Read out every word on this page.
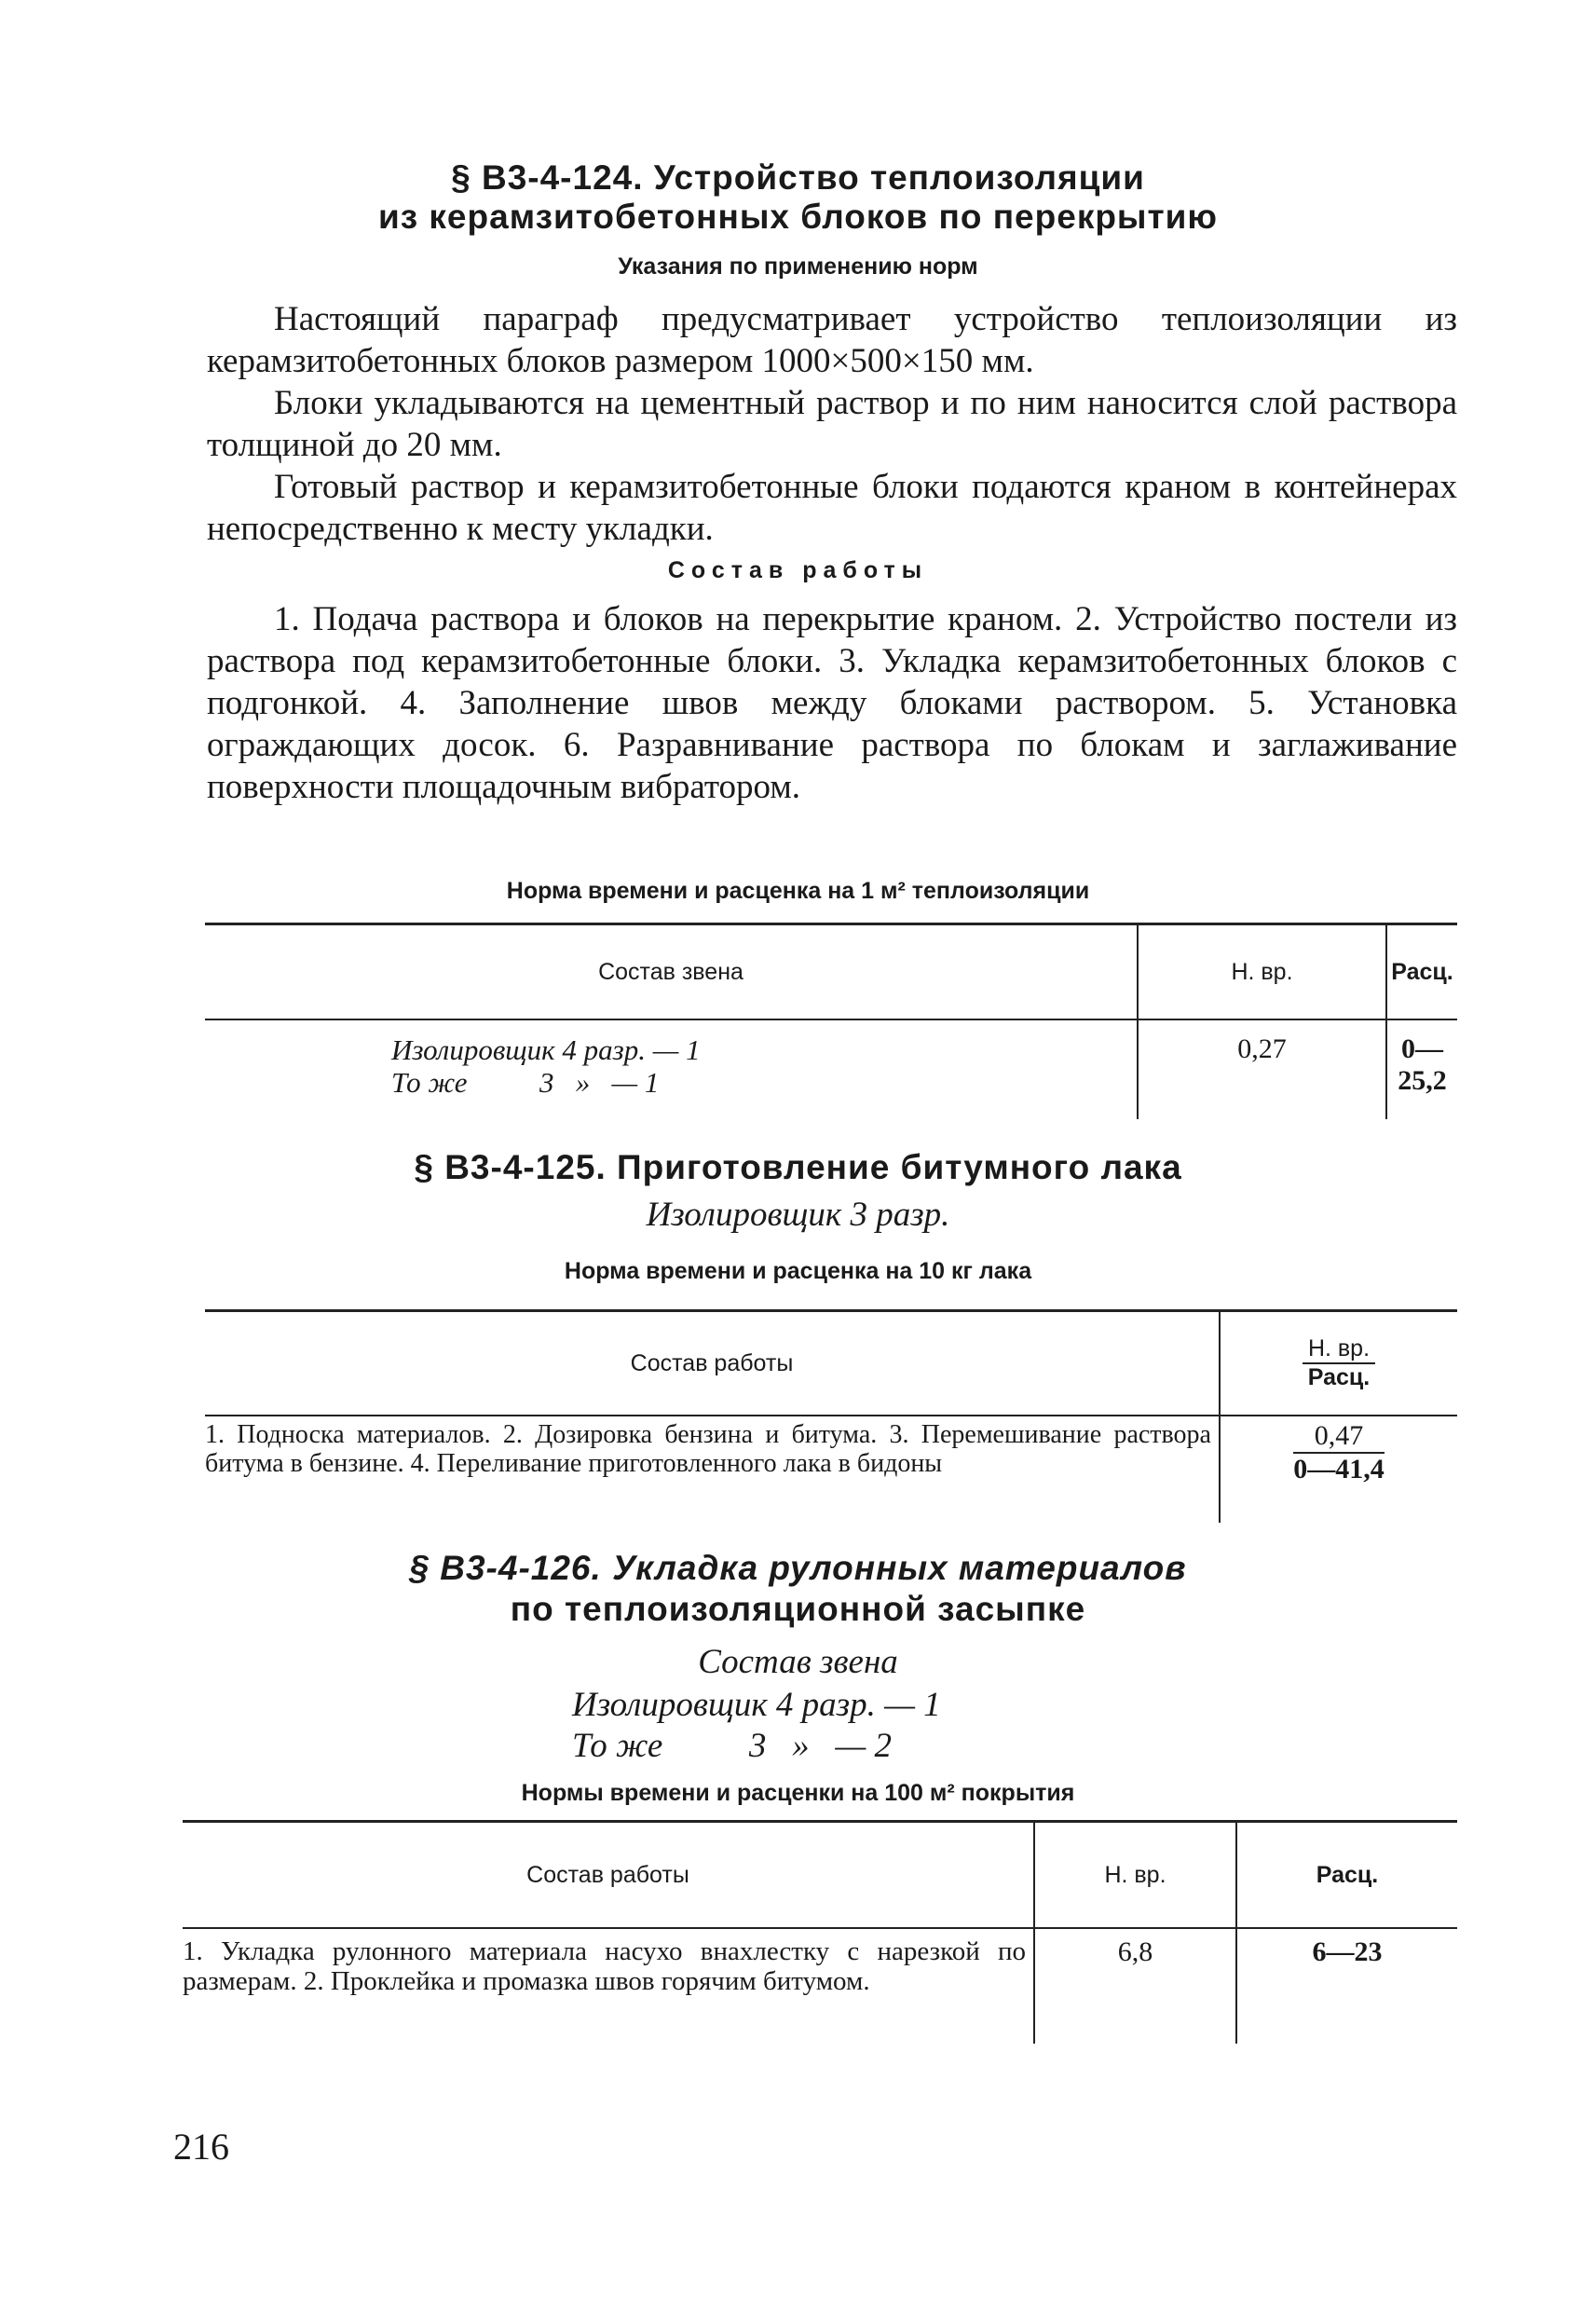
§ В3-4-124. Устройство теплоизоляции
из керамзитобетонных блоков по перекрытию
Указания по применению норм
Настоящий параграф предусматривает устройство теплоизоляции из керамзитобетонных блоков размером 1000×500×150 мм.
Блоки укладываются на цементный раствор и по ним наносится слой раствора толщиной до 20 мм.
Готовый раствор и керамзитобетонные блоки подаются краном в контейнерах непосредственно к месту укладки.
Состав работы
1. Подача раствора и блоков на перекрытие краном. 2. Устройство постели из раствора под керамзитобетонные блоки. 3. Укладка керамзитобетонных блоков с подгонкой. 4. Заполнение швов между блоками раствором. 5. Установка ограждающих досок. 6. Разравнивание раствора по блокам и заглаживание поверхности площадочным вибратором.
Норма времени и расценка на 1 м² теплоизоляции
Состав звена	Н. вр.	Расц.

Изолировщик 4 разр. — 1
То же          3   »   — 1	0,27	0—25,2
§ В3-4-125. Приготовление битумного лака
Изолировщик 3 разр.
Норма времени и расценка на 10 кг лака
Состав работы	$\frac{Н. вр.}{\text{Расц.}}$

1. Подноска материалов. 2. Дозировка бензина и битума. 3. Перемешивание раствора битума в бензине. 4. Переливание приготовленного лака в бидоны	$\frac{0,47}{0—41,4}$
§ В3-4-126. Укладка рулонных материалов
по теплоизоляционной засыпке
Состав звена
Изолировщик 4 разр. — 1
То же          3   »   — 2
Нормы времени и расценки на 100 м² покрытия
Состав работы	Н. вр.	Расц.
1. Укладка рулонного материала насухо внахлестку с нарезкой по размерам. 2. Проклейка и промазка швов горячим битумом.	6,8	6—23
216
